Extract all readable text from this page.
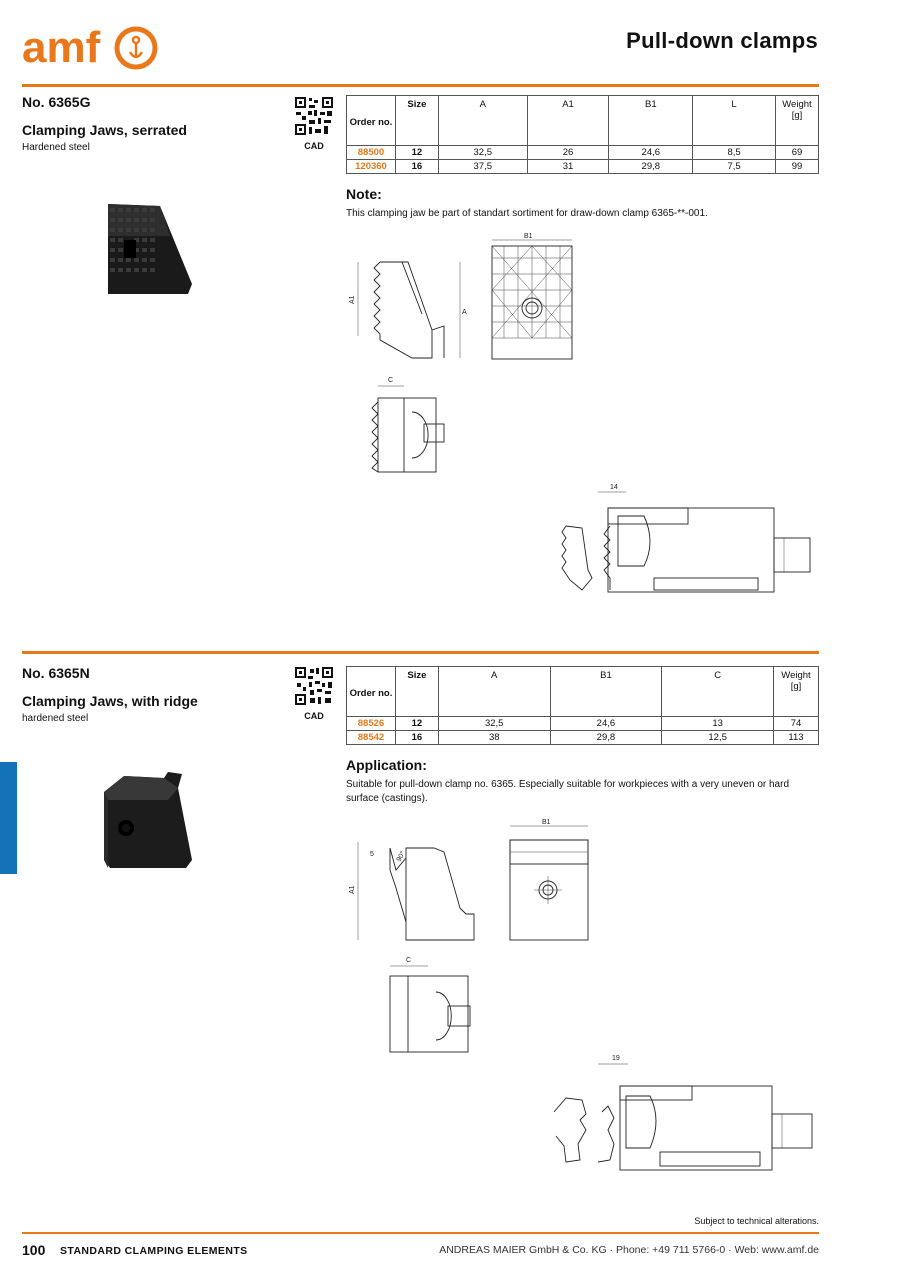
amf	Pull-down clamps
No. 6365G
Clamping Jaws, serrated
Hardened steel	CAD
Order no.	Size	A	A1	B1	L	Weight [g]
88500	12	32,5	26	24,6	8,5	69
120360	16	37,5	31	29,8	7,5	99
Note:
This clamping jaw be part of standart sortiment for draw-down clamp 6365-**-001.
A1
A
B1
C
14
No. 6365N
Clamping Jaws, with ridge
hardened steel	CAD
Order no.	Size	A	B1	C	Weight [g]
88526	12	32,5	24,6	13	74
88542	16	38	29,8	12,5	113
Application:
Suitable for pull-down clamp no. 6365. Especially suitable for workpieces with a very uneven or hard surface (castings).
A1
5	90°
B1
C
19
Subject to technical alterations.
100 STANDARD CLAMPING ELEMENTS	ANDREAS MAIER GmbH & Co. KG · Phone: +49 711 5766-0 · Web: www.amf.de
